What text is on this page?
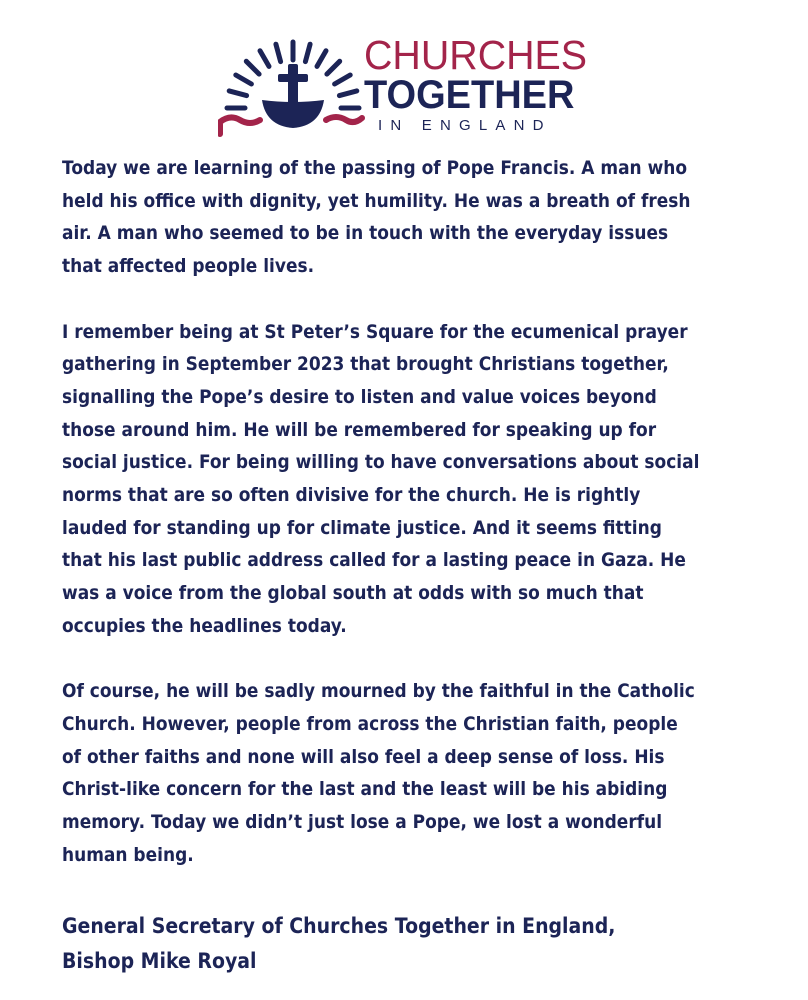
CHURCHES
TOGETHER
IN ENGLAND
Today we are learning of the passing of Pope Francis. A man who
held his office with dignity, yet humility. He was a breath of fresh
air. A man who seemed to be in touch with the everyday issues
that affected people lives.
I remember being at St Peter’s Square for the ecumenical prayer
gathering in September 2023 that brought Christians together,
signalling the Pope’s desire to listen and value voices beyond
those around him. He will be remembered for speaking up for
social justice. For being willing to have conversations about social
norms that are so often divisive for the church. He is rightly
lauded for standing up for climate justice. And it seems fitting
that his last public address called for a lasting peace in Gaza. He
was a voice from the global south at odds with so much that
occupies the headlines today.
Of course, he will be sadly mourned by the faithful in the Catholic
Church. However, people from across the Christian faith, people
of other faiths and none will also feel a deep sense of loss. His
Christ-like concern for the last and the least will be his abiding
memory. Today we didn’t just lose a Pope, we lost a wonderful
human being.
General Secretary of Churches Together in England,
Bishop Mike Royal
